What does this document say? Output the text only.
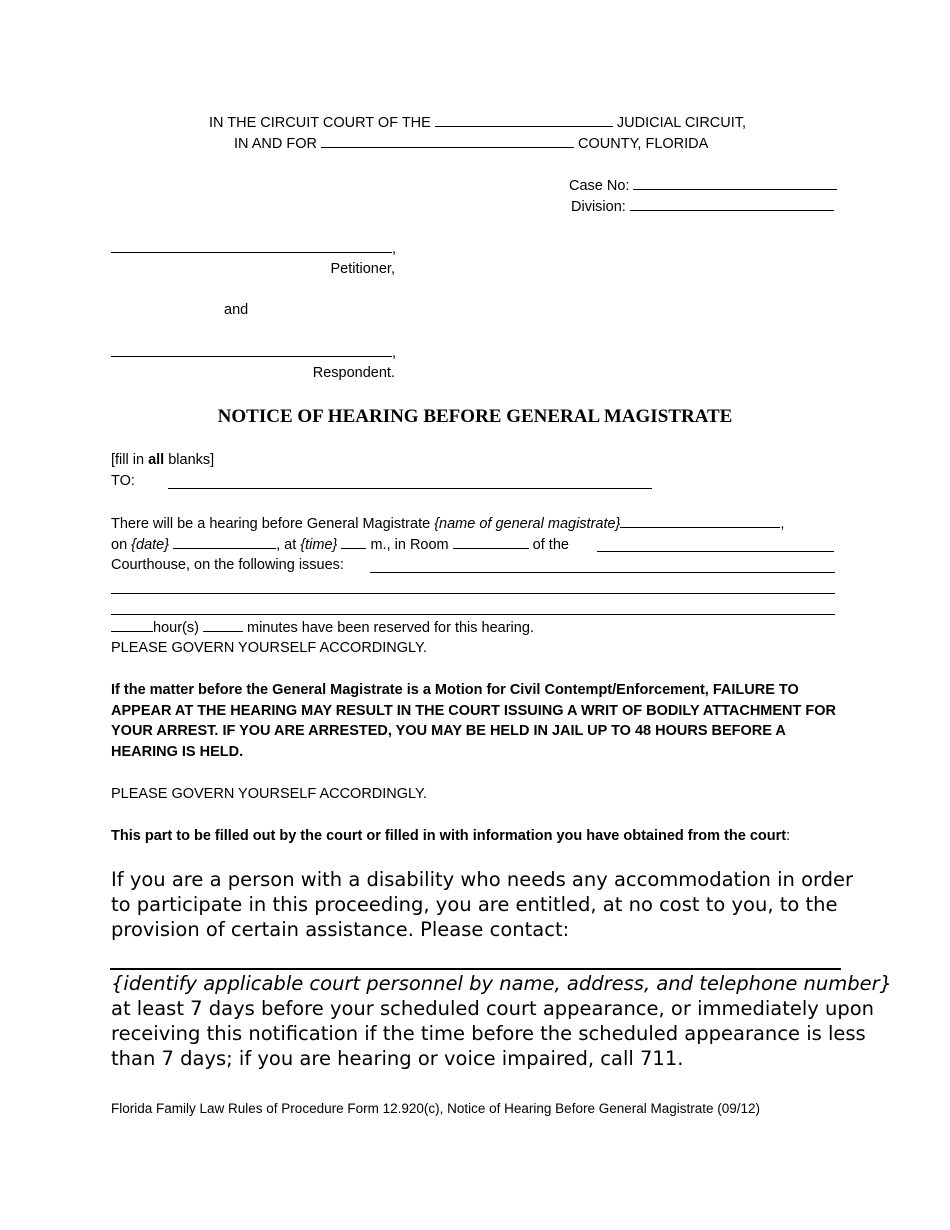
IN THE CIRCUIT COURT OF THE	JUDICIAL CIRCUIT,
IN AND FOR	COUNTY, FLORIDA
Case No:
Division:
,
Petitioner,
and
,
Respondent.
NOTICE OF HEARING BEFORE GENERAL MAGISTRATE
[fill in all blanks]
TO:
There will be a hearing before General Magistrate {name of general magistrate}	,
on {date}	, at {time}  m., in Room	of the
Courthouse, on the following issues:
hour(s)	minutes have been reserved for this hearing.
PLEASE GOVERN YOURSELF ACCORDINGLY.
If the matter before the General Magistrate is a Motion for Civil Contempt/Enforcement, FAILURE TO
APPEAR AT THE HEARING MAY RESULT IN THE COURT ISSUING A WRIT OF BODILY ATTACHMENT FOR
YOUR ARREST. IF YOU ARE ARRESTED, YOU MAY BE HELD IN JAIL UP TO 48 HOURS BEFORE A
HEARING IS HELD.
PLEASE GOVERN YOURSELF ACCORDINGLY.
This part to be filled out by the court or filled in with information you have obtained from the court:
If you are a person with a disability who needs any accommodation in order
to participate in this proceeding, you are entitled, at no cost to you, to the
provision of certain assistance. Please contact:
{identify applicable court personnel by name, address, and telephone number}
at least 7 days before your scheduled court appearance, or immediately upon
receiving this notification if the time before the scheduled appearance is less
than 7 days; if you are hearing or voice impaired, call 711.
Florida Family Law Rules of Procedure Form 12.920(c), Notice of Hearing Before General Magistrate (09/12)
